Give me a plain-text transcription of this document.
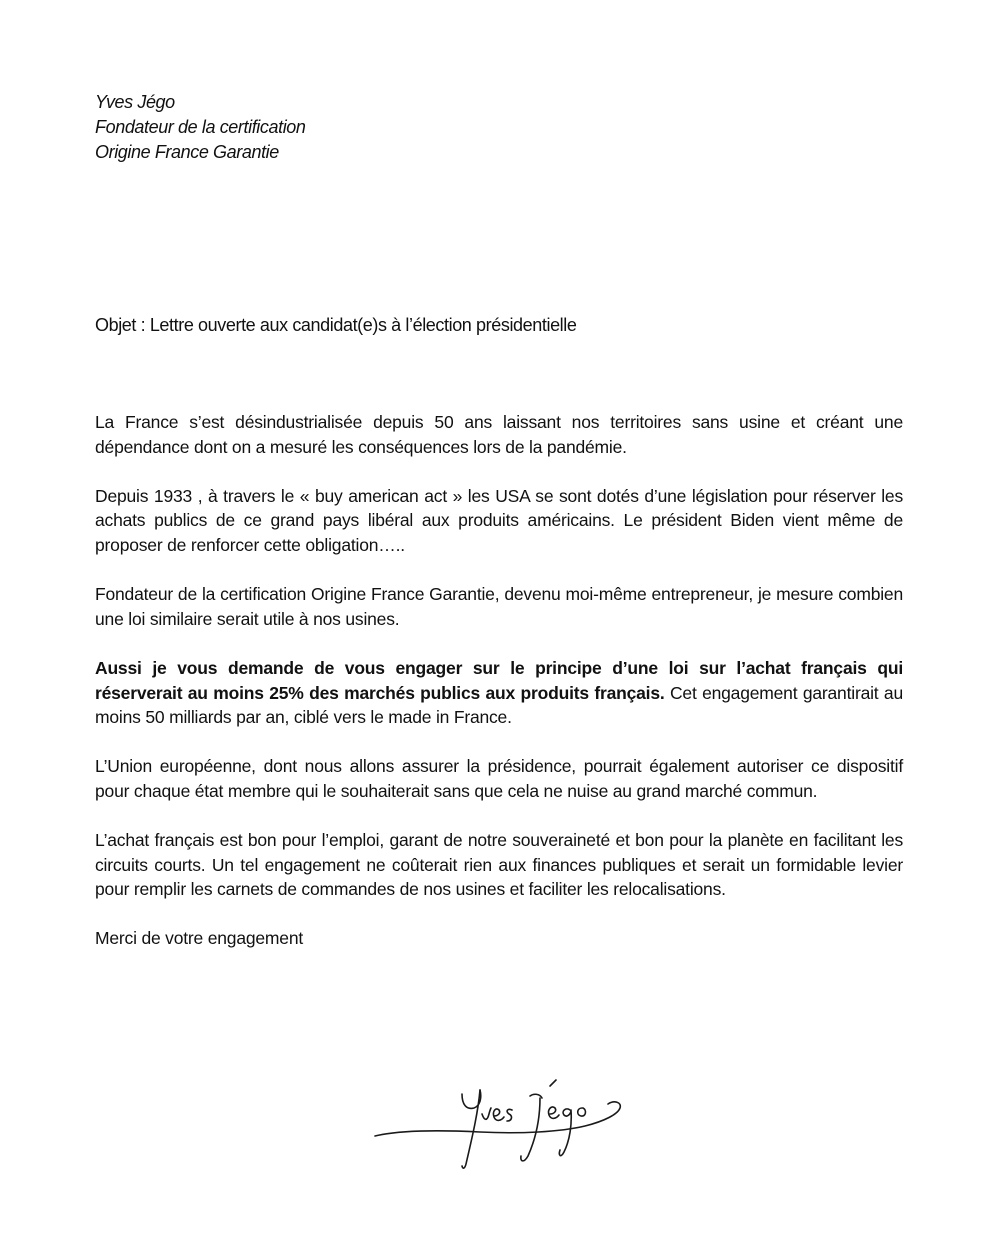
Yves Jégo
Fondateur de la certification
Origine France Garantie
Objet : Lettre ouverte aux candidat(e)s à l’élection présidentielle

La France s’est désindustrialisée depuis 50 ans laissant nos territoires sans usine et créant une dépendance dont on a mesuré les conséquences lors de la pandémie.

Depuis 1933 , à travers le « buy american act » les USA se sont dotés d’une législation pour réserver les achats publics de ce grand pays libéral aux produits américains. Le président Biden vient même de proposer de renforcer cette obligation…..

Fondateur de la certification Origine France Garantie, devenu moi-même entrepreneur, je mesure combien une loi similaire serait utile à nos usines.

Aussi je vous demande de vous engager sur le principe d’une loi sur l’achat français qui réserverait au moins 25% des marchés publics aux produits français. Cet engagement garantirait au moins 50 milliards par an, ciblé vers le made in France.

L’Union européenne, dont nous allons assurer la présidence, pourrait également autoriser ce dispositif pour chaque état membre qui le souhaiterait sans que cela ne nuise au grand marché commun.

L’achat français est bon pour l’emploi, garant de notre souveraineté et bon pour la planète en facilitant les circuits courts. Un tel engagement ne coûterait rien aux finances publiques et serait un formidable levier pour remplir les carnets de commandes de nos usines et faciliter les relocalisations.

Merci de votre engagement
